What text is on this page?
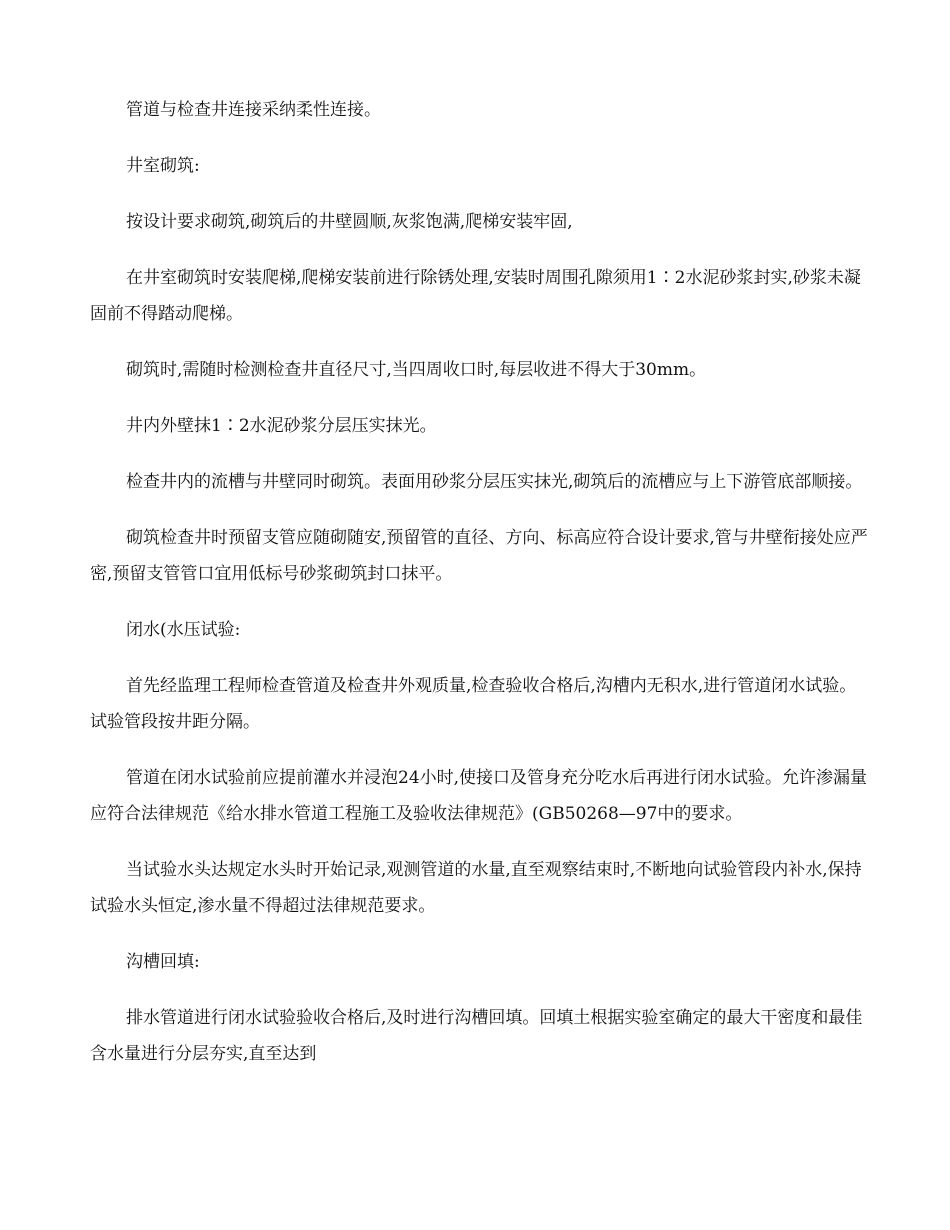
管道与检查井连接采纳柔性连接。

井室砌筑:

按设计要求砌筑,砌筑后的井壁圆顺,灰浆饱满,爬梯安装牢固,

在井室砌筑时安装爬梯,爬梯安装前进行除锈处理,安装时周围孔隙须用1∶2水泥砂浆封实,砂浆未凝固前不得踏动爬梯。

砌筑时,需随时检测检查井直径尺寸,当四周收口时,每层收进不得大于30mm。

井内外壁抹1∶2水泥砂浆分层压实抹光。

检查井内的流槽与井壁同时砌筑。表面用砂浆分层压实抹光,砌筑后的流槽应与上下游管底部顺接。

砌筑检查井时预留支管应随砌随安,预留管的直径、方向、标高应符合设计要求,管与井壁衔接处应严密,预留支管管口宜用低标号砂浆砌筑封口抹平。

闭水(水压试验:

首先经监理工程师检查管道及检查井外观质量,检查验收合格后,沟槽内无积水,进行管道闭水试验。试验管段按井距分隔。

管道在闭水试验前应提前灌水并浸泡24小时,使接口及管身充分吃水后再进行闭水试验。允许渗漏量应符合法律规范《给水排水管道工程施工及验收法律规范》(GB50268—97中的要求。

当试验水头达规定水头时开始记录,观测管道的水量,直至观察结束时,不断地向试验管段内补水,保持试验水头恒定,渗水量不得超过法律规范要求。

沟槽回填:

排水管道进行闭水试验验收合格后,及时进行沟槽回填。回填土根据实验室确定的最大干密度和最佳含水量进行分层夯实,直至达到
